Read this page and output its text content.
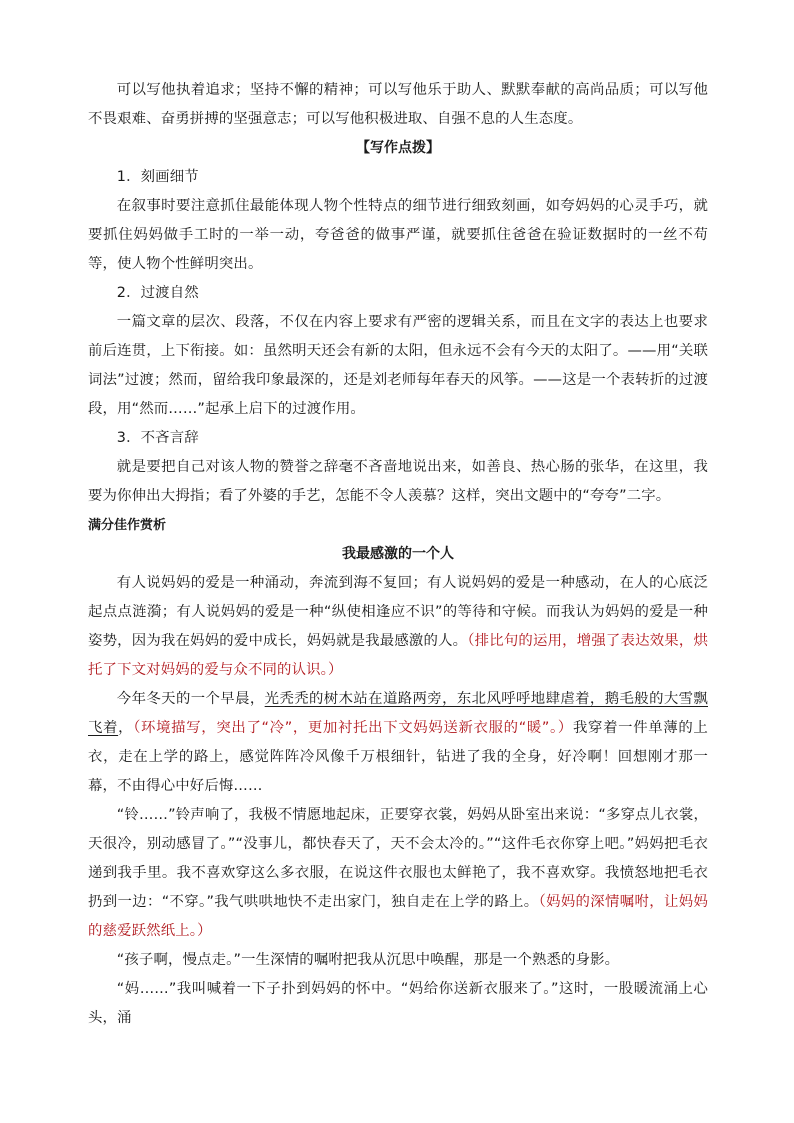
可以写他执着追求；坚持不懈的精神；可以写他乐于助人、默默奉献的高尚品质；可以写他不畏艰难、奋勇拼搏的坚强意志；可以写他积极进取、自强不息的人生态度。

【写作点拨】

1．刻画细节

在叙事时要注意抓住最能体现人物个性特点的细节进行细致刻画，如夸妈妈的心灵手巧，就要抓住妈妈做手工时的一举一动，夸爸爸的做事严谨，就要抓住爸爸在验证数据时的一丝不苟等，使人物个性鲜明突出。

2．过渡自然

一篇文章的层次、段落，不仅在内容上要求有严密的逻辑关系，而且在文字的表达上也要求前后连贯，上下衔接。如：虽然明天还会有新的太阳，但永远不会有今天的太阳了。——用“关联词法”过渡；然而，留给我印象最深的，还是刘老师每年春天的风筝。——这是一个表转折的过渡段，用“然而……”起承上启下的过渡作用。

3．不吝言辞

就是要把自己对该人物的赞誉之辞毫不吝啬地说出来，如善良、热心肠的张华，在这里，我要为你伸出大拇指；看了外婆的手艺，怎能不令人羡慕？这样，突出文题中的“夸夸”二字。

满分佳作赏析

我最感激的一个人

有人说妈妈的爱是一种涌动，奔流到海不复回；有人说妈妈的爱是一种感动，在人的心底泛起点点涟漪；有人说妈妈的爱是一种“纵使相逢应不识”的等待和守候。而我认为妈妈的爱是一种姿势，因为我在妈妈的爱中成长，妈妈就是我最感激的人。（排比句的运用，增强了表达效果，烘托了下文对妈妈的爱与众不同的认识。）

今年冬天的一个早晨，光秃秃的树木站在道路两旁，东北风呼呼地肆虐着，鹅毛般的大雪飘飞着，（环境描写，突出了“冷”，更加衬托出下文妈妈送新衣服的“暖”。）我穿着一件单薄的上衣，走在上学的路上，感觉阵阵冷风像千万根细针，钻进了我的全身，好冷啊！回想刚才那一幕，不由得心中好后悔……

“铃……”铃声响了，我极不情愿地起床，正要穿衣裳，妈妈从卧室出来说：“多穿点儿衣裳，天很冷，别动感冒了。”“没事儿，都快春天了，天不会太冷的。”“这件毛衣你穿上吧。”妈妈把毛衣递到我手里。我不喜欢穿这么多衣服，在说这件衣服也太鲜艳了，我不喜欢穿。我愤怒地把毛衣扔到一边：“不穿。”我气哄哄地快不走出家门，独自走在上学的路上。（妈妈的深情嘱咐，让妈妈的慈爱跃然纸上。）

“孩子啊，慢点走。”一生深情的嘱咐把我从沉思中唤醒，那是一个熟悉的身影。

“妈……”我叫喊着一下子扑到妈妈的怀中。“妈给你送新衣服来了。”这时，一股暖流涌上心头，涌
